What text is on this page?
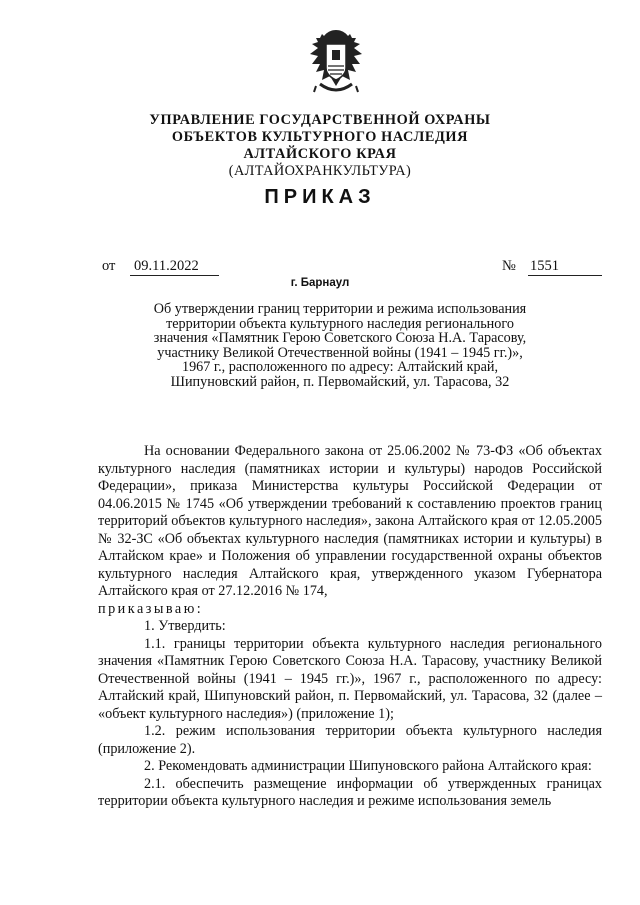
УПРАВЛЕНИЕ ГОСУДАРСТВЕННОЙ ОХРАНЫ
ОБЪЕКТОВ КУЛЬТУРНОГО НАСЛЕДИЯ
АЛТАЙСКОГО КРАЯ
(АЛТАЙОХРАНКУЛЬТУРА)
ПРИКАЗ
от 09.11.2022	№ 1551
г. Барнаул
Об утверждении границ территории и режима использования
территории объекта культурного наследия регионального
значения «Памятник Герою Советского Союза Н.А. Тарасову,
участнику Великой Отечественной войны (1941 – 1945 гг.)»,
1967 г., расположенного по адресу: Алтайский край,
Шипуновский район, п. Первомайский, ул. Тарасова, 32

На основании Федерального закона от 25.06.2002 № 73-ФЗ «Об объектах культурного наследия (памятниках истории и культуры) народов Российской Федерации», приказа Министерства культуры Российской Федерации от 04.06.2015 № 1745 «Об утверждении требований к составлению проектов границ территорий объектов культурного наследия», закона Алтайского края от 12.05.2005 № 32-ЗС «Об объектах культурного наследия (памятниках истории и культуры) в Алтайском крае» и Положения об управлении государственной охраны объектов культурного наследия Алтайского края, утвержденного указом Губернатора Алтайского края от 27.12.2016 № 174,

приказываю:

1. Утвердить:

1.1. границы территории объекта культурного наследия регионального значения «Памятник Герою Советского Союза Н.А. Тарасову, участнику Великой Отечественной войны (1941 – 1945 гг.)», 1967 г., расположенного по адресу: Алтайский край, Шипуновский район, п. Первомайский, ул. Тарасова, 32 (далее – «объект культурного наследия») (приложение 1);

1.2. режим использования территории объекта культурного наследия (приложение 2).

2. Рекомендовать администрации Шипуновского района Алтайского края:

2.1. обеспечить размещение информации об утвержденных границах территории объекта культурного наследия и режиме использования земель
